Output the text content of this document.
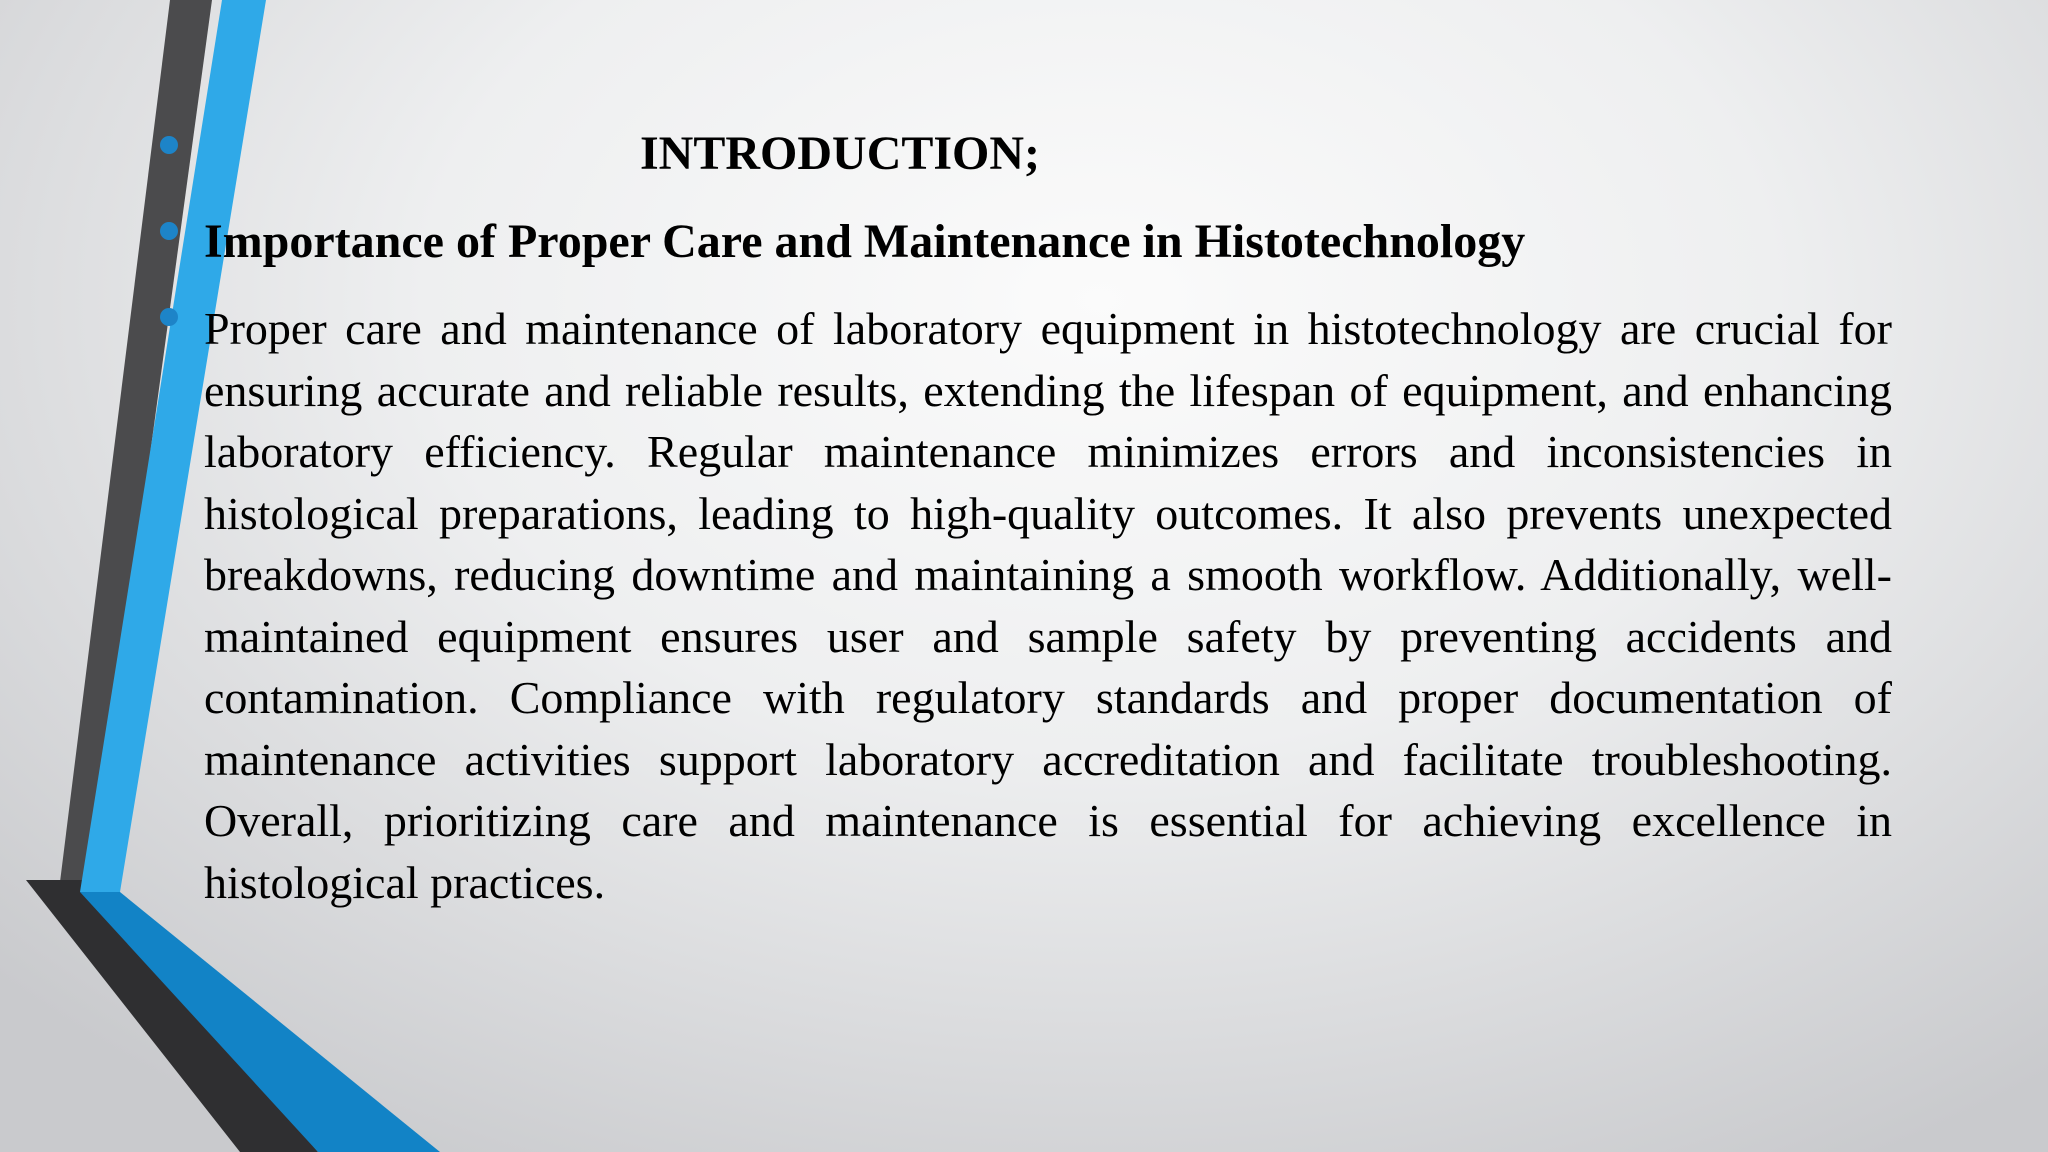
INTRODUCTION;
Importance of Proper Care and Maintenance in Histotechnology

Proper care and maintenance of laboratory equipment in histotechnology are crucial for ensuring accurate and reliable results, extending the lifespan of equipment, and enhancing laboratory efficiency. Regular maintenance minimizes errors and inconsistencies in histological preparations, leading to high-quality outcomes. It also prevents unexpected breakdowns, reducing downtime and maintaining a smooth workflow. Additionally, well-maintained equipment ensures user and sample safety by preventing accidents and contamination. Compliance with regulatory standards and proper documentation of maintenance activities support laboratory accreditation and facilitate troubleshooting. Overall, prioritizing care and maintenance is essential for achieving excellence in histological practices.
